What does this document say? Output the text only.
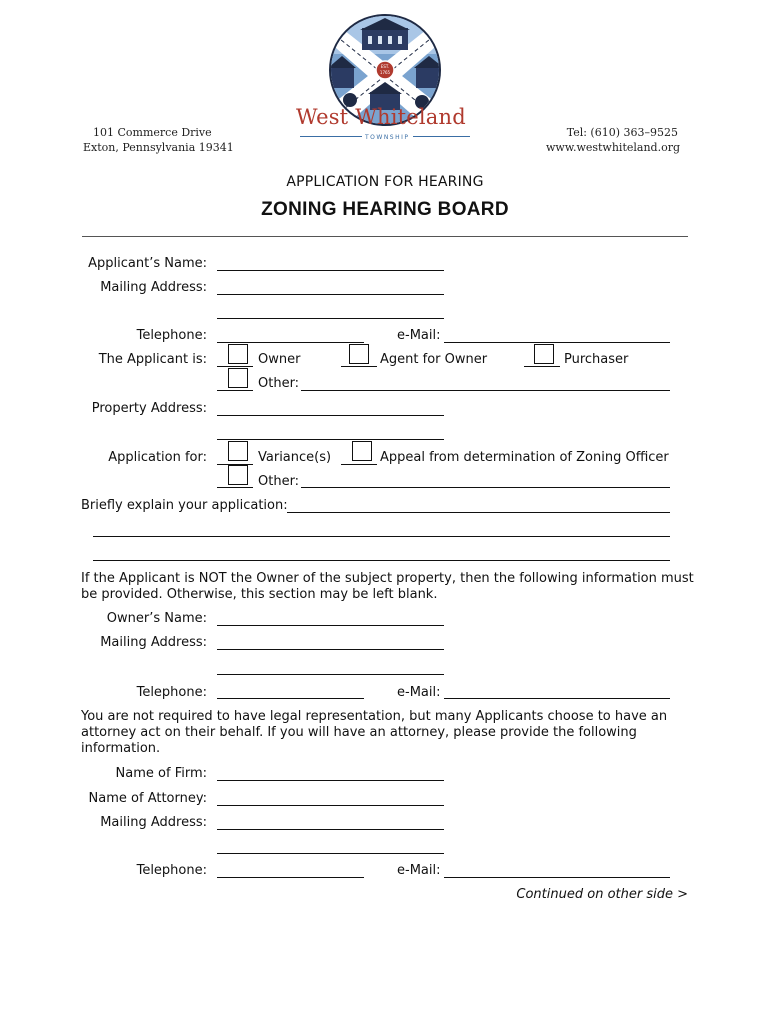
EST.
1765
West Whiteland
TOWNSHIP
101 Commerce Drive
Exton, Pennsylvania 19341
Tel: (610) 363–9525
www.westwhiteland.org
APPLICATION FOR HEARING
ZONING HEARING BOARD
Applicant’s Name:
Mailing Address:
Telephone:	e-Mail:
The Applicant is:	Owner	Agent for Owner	Purchaser
Other:
Property Address:
Application for:	Variance(s)	Appeal from determination of Zoning Officer
Other:
Briefly explain your application:
If the Applicant is NOT the Owner of the subject property, then the following information must
be provided. Otherwise, this section may be left blank.
Owner’s Name:
Mailing Address:
Telephone:	e-Mail:
You are not required to have legal representation, but many Applicants choose to have an
attorney act on their behalf. If you will have an attorney, please provide the following
information.
Name of Firm:
Name of Attorney:
Mailing Address:
Telephone:	e-Mail:
Continued on other side >
